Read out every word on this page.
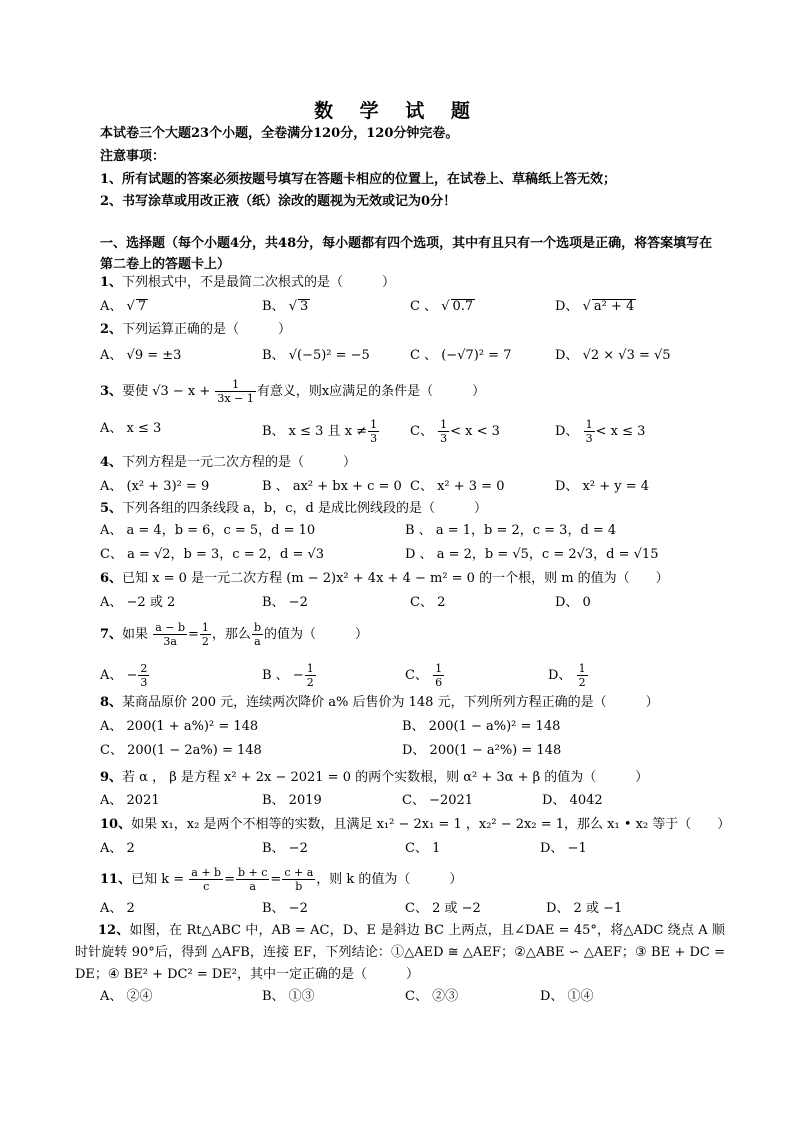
数 学 试 题
本试卷三个大题23个小题，全卷满分120分，120分钟完卷。
注意事项：
1、所有试题的答案必须按题号填写在答题卡相应的位置上，在试卷上、草稿纸上答无效；
2、书写涂草或用改正液（纸）涂改的题视为无效或记为0分！
一、选择题（每个小题4分，共48分，每小题都有四个选项，其中有且只有一个选项是正确，将答案填写在第二卷上的答题卡上）
1、下列根式中，不是最简二次根式的是（　　　）
A、 √ 7	B、 √ 3	C 、 √ 0.7	D、 √ a² + 4
2、下列运算正确的是（　　　）
A、 √9 = ±3	B、 √(−5)² = −5	C 、 (−√7)² = 7	D、 √2 × √3 = √5
3、要使 $√3 - x + \frac{1}{3x - 1}$ 有意义，则x应满足的条件是（　　　）
A、 x ≤ 3	B、 x ≤ 3 且 $x \ne \frac{1}{3}$ C、 $\frac{1}{3} < x < 3$	D、 $\frac{1}{3} < x \le 3$
4、下列方程是一元二次方程的是（　　　）
A、 (x² + 3)² = 9	B 、 ax² + bx + c = 0 C、 x² + 3 = 0	D、 x² + y = 4
5、下列各组的四条线段 a，b，c，d 是成比例线段的是（　　　）
A、 a = 4，b = 6，c = 5，d = 10	B 、 a = 1，b = 2，c = 3，d = 4
C、 a = √2，b = 3，c = 2，d = √3	D 、 a = 2，b = √5，c = 2√3，d = √15
6、已知 x = 0 是一元二次方程 (m − 2)x² + 4x + 4 − m² = 0 的一个根，则 m 的值为（　　）
A、 −2 或 2	B、 −2	C、 2	D、 0
7、如果 $\frac{a - b}{3a} = \frac{1}{2}$ ，那么 $\frac{b}{a}$ 的值为（　　　）
A、 − $\frac{2}{3}$	B 、 − $\frac{1}{2}$	C、 $\frac{1}{6}$	D、 $\frac{1}{2}$
8、某商品原价 200 元，连续两次降价 a% 后售价为 148 元，下列所列方程正确的是（　　　）
A、 200(1 + a%)² = 148	B、 200(1 − a%)² = 148
C、 200(1 − 2a%) = 148	D、 200(1 − a²%) = 148
9、若 α ， β 是方程 x² + 2x − 2021 = 0 的两个实数根，则 α² + 3α + β 的值为（　　　）
A、 2021	B、 2019	C、 −2021	D、 4042
10、如果 x₁，x₂ 是两个不相等的实数，且满足 x₁² − 2x₁ = 1 ，x₂² − 2x₂ = 1，那么 x₁ • x₂ 等于（　　）
A、 2	B、 −2	C、 1	D、 −1
11、已知 $k = \frac{a + b}{c} = \frac{b + c}{a} = \frac{c + a}{b}$ ，则 k 的值为（　　　）
A、 2	B、 −2	C、 2 或 −2	D、 2 或 −1
12、如图，在 Rt△ABC 中，AB = AC，D、E 是斜边 BC 上两点，且∠DAE = 45°，将△ADC 绕点 A 顺时针旋转 90°后，得到 △AFB，连接 EF，下列结论：①△AED ≅ △AEF；②△ABE ∽ △AEF；③ BE + DC = DE；④ BE² + DC² = DE²，其中一定正确的是（　　　）
A、 ②④	B、 ①③	C、 ②③	D、 ①④
